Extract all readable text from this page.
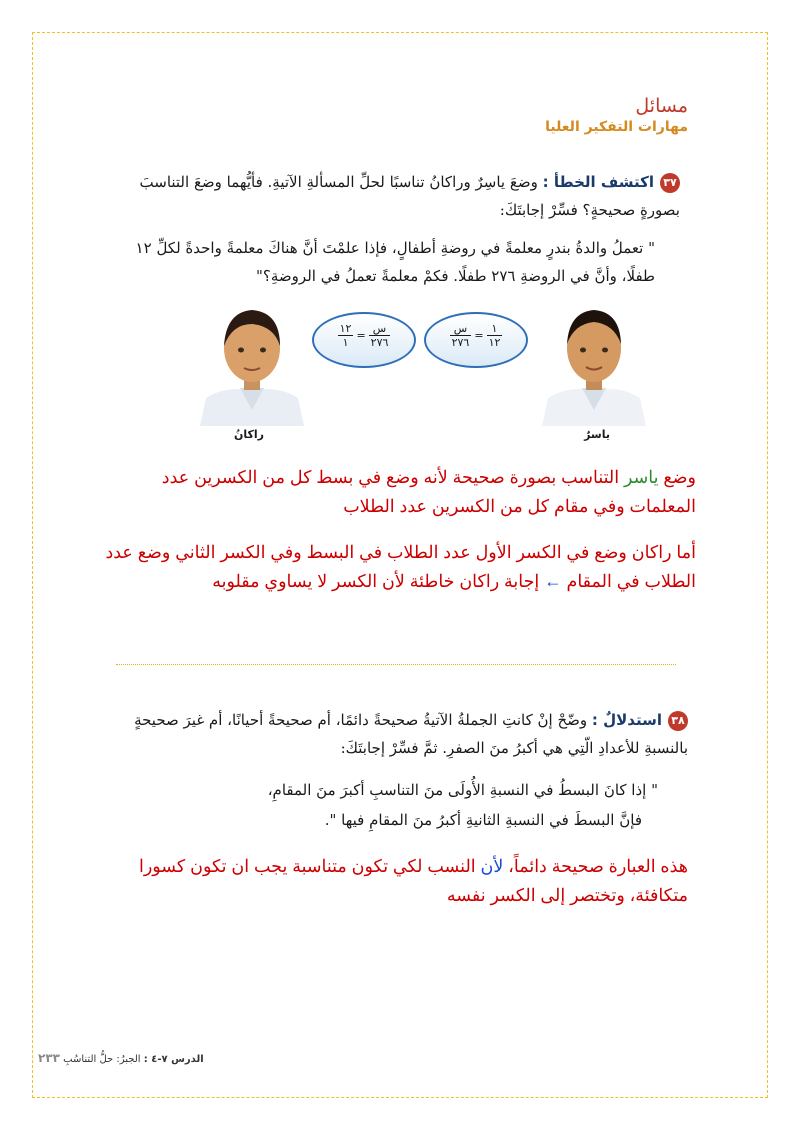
مسائل
مهارات التفكير العليا
٣٧اكتشف الخطأ : وضعَ ياسِرٌ وراكانُ تناسبًا لحلِّ المسألةِ الآتيةِ. فأيُّهما وضعَ التناسبَ بصورةٍ صحيحةٍ؟ فسِّرْ إجابتَكَ:
" تعملُ والدةُ بندرٍ معلمةً في روضةِ أطفالٍ، فإذا علمْتَ أنَّ هناكَ معلمةً واحدةً لكلِّ ١٢ طفلًا، وأنَّ في الروضةِ ٢٧٦ طفلًا. فكمْ معلمةً تعملُ في الروضةِ؟"
راكانُ
$\frac{١٢}{١} = \frac{\text{س}}{٢٧٦}$	$\frac{\text{س}}{٢٧٦} = \frac{١}{١٢}$
ياسرٌ
وضع ياسر التناسب بصورة صحيحة لأنه وضع في بسط كل من الكسرين عدد المعلمات وفي مقام كل من الكسرين عدد الطلاب
أما راكان وضع في الكسر الأول عدد الطلاب في البسط وفي الكسر الثاني وضع عدد الطلاب في المقام ← إجابة راكان خاطئة لأن الكسر لا يساوي مقلوبه
٣٨استدلالٌ : وضّحْ إنْ كانتِ الجملةُ الآتيةُ صحيحةً دائمًا، أم صحيحةً أحيانًا، أم غيرَ صحيحةٍ بالنسبةِ للأعدادِ الّتِي هي أكبرُ منَ الصفرِ. ثمَّ فسِّرْ إجابتَكَ:
" إذا كانَ البسطُ في النسبةِ الأُولَى منَ التناسبِ أكبرَ منَ المقامِ،
فإنَّ البسطَ في النسبةِ الثانيةِ أكبرُ منَ المقامِ فيها ".
هذه العبارة صحيحة دائماً، لأن النسب لكي تكون متناسبة يجب ان تكون كسورا متكافئة، وتختصر إلى الكسر نفسه
الدرس ٧-٤ : الجبرُ: حلُّ التناسُبِ ٢٣٣
